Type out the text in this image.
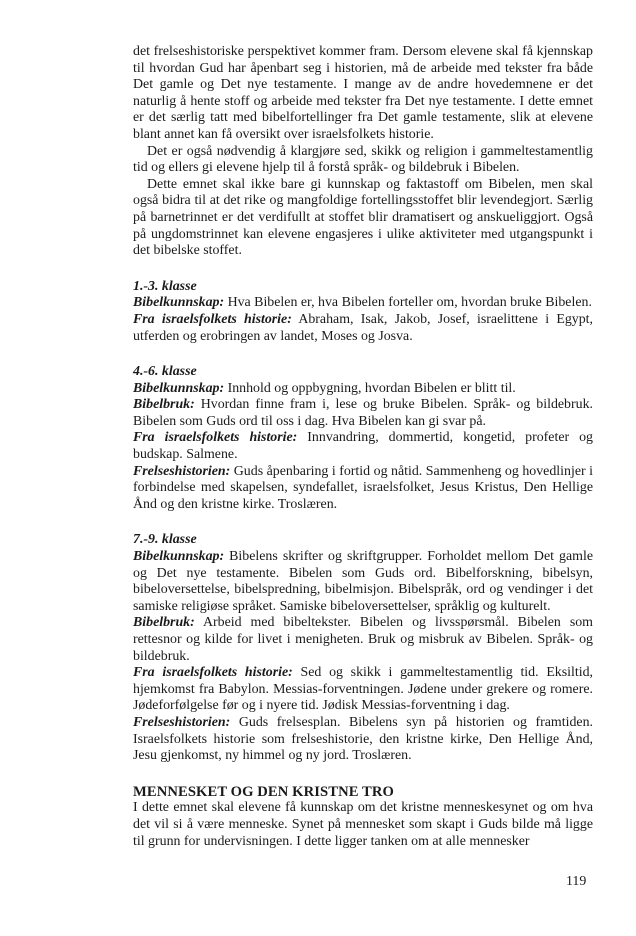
det frelseshistoriske perspektivet kommer fram. Dersom elevene skal få kjennskap til hvordan Gud har åpenbart seg i historien, må de arbeide med tekster fra både Det gamle og Det nye testamente. I mange av de andre hovedemnene er det naturlig å hente stoff og arbeide med tekster fra Det nye testamente. I dette emnet er det særlig tatt med bibelfortellinger fra Det gamle testamente, slik at elevene blant annet kan få oversikt over israelsfolkets historie.

Det er også nødvendig å klargjøre sed, skikk og religion i gammeltestamentlig tid og ellers gi elevene hjelp til å forstå språk- og bildebruk i Bibelen.

Dette emnet skal ikke bare gi kunnskap og faktastoff om Bibelen, men skal også bidra til at det rike og mangfoldige fortellingsstoffet blir levendegjort. Særlig på barnetrinnet er det verdifullt at stoffet blir dramatisert og anskueliggjort. Også på ungdomstrinnet kan elevene engasjeres i ulike aktiviteter med utgangspunkt i det bibelske stoffet.

1.-3. klasse

Bibelkunnskap: Hva Bibelen er, hva Bibelen forteller om, hvordan bruke Bibelen.

Fra israelsfolkets historie: Abraham, Isak, Jakob, Josef, israelittene i Egypt, utferden og erobringen av landet, Moses og Josva.

4.-6. klasse

Bibelkunnskap: Innhold og oppbygning, hvordan Bibelen er blitt til.

Bibelbruk: Hvordan finne fram i, lese og bruke Bibelen. Språk- og bildebruk. Bibelen som Guds ord til oss i dag. Hva Bibelen kan gi svar på.

Fra israelsfolkets historie: Innvandring, dommertid, kongetid, profeter og budskap. Salmene.

Frelseshistorien: Guds åpenbaring i fortid og nåtid. Sammenheng og hovedlinjer i forbindelse med skapelsen, syndefallet, israelsfolket, Jesus Kristus, Den Hellige Ånd og den kristne kirke. Troslæren.

7.-9. klasse

Bibelkunnskap: Bibelens skrifter og skriftgrupper. Forholdet mellom Det gamle og Det nye testamente. Bibelen som Guds ord. Bibelforskning, bibelsyn, bibeloversettelse, bibelspredning, bibelmisjon. Bibelspråk, ord og vendinger i det samiske religiøse språket. Samiske bibeloversettelser, språklig og kulturelt.

Bibelbruk: Arbeid med bibeltekster. Bibelen og livsspørsmål. Bibelen som rettesnor og kilde for livet i menigheten. Bruk og misbruk av Bibelen. Språk- og bildebruk.

Fra israelsfolkets historie: Sed og skikk i gammeltestamentlig tid. Eksiltid, hjemkomst fra Babylon. Messias-forventningen. Jødene under grekere og romere. Jødeforfølgelse før og i nyere tid. Jødisk Messias-forventning i dag.

Frelseshistorien: Guds frelsesplan. Bibelens syn på historien og framtiden. Israelsfolkets historie som frelseshistorie, den kristne kirke, Den Hellige Ånd, Jesu gjenkomst, ny himmel og ny jord. Troslæren.

MENNESKET OG DEN KRISTNE TRO

I dette emnet skal elevene få kunnskap om det kristne menneskesynet og om hva det vil si å være menneske. Synet på mennesket som skapt i Guds bilde må ligge til grunn for undervisningen. I dette ligger tanken om at alle mennesker

119
